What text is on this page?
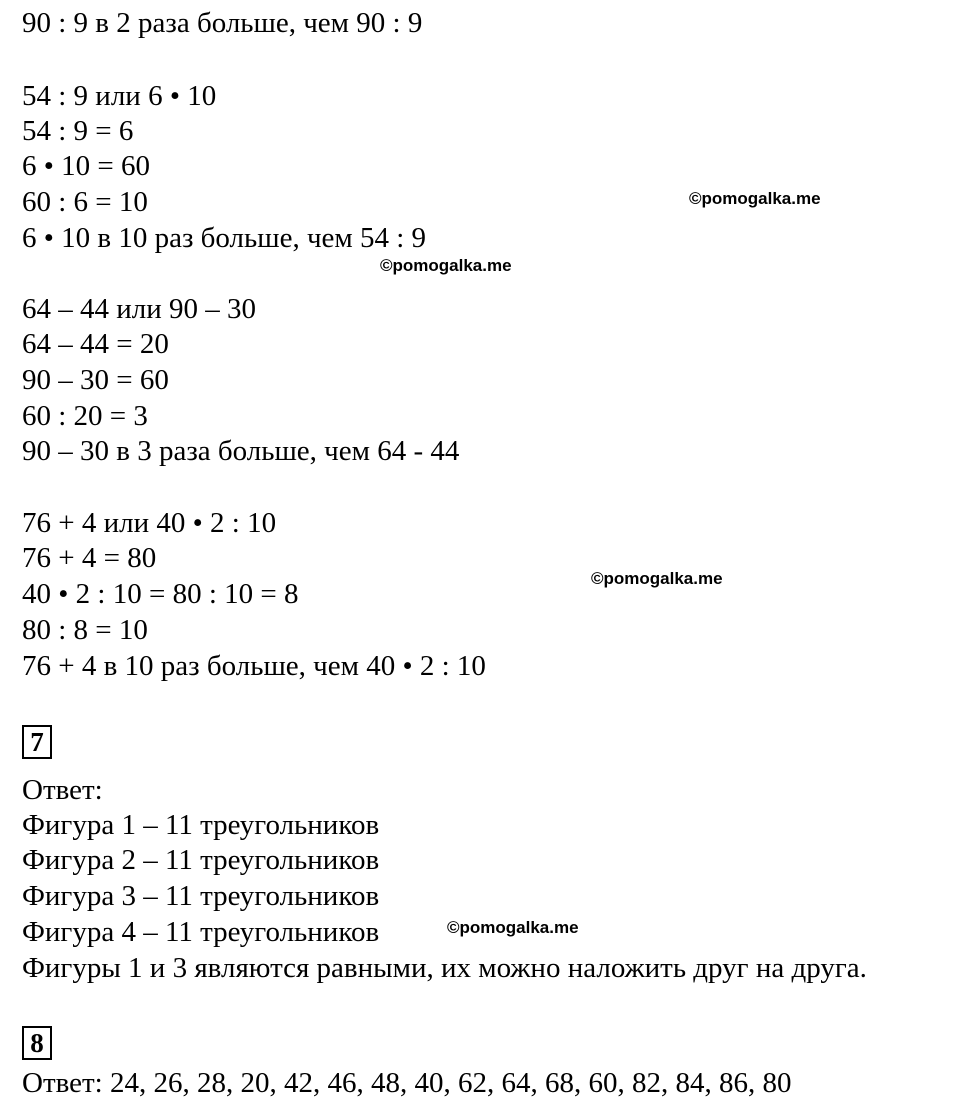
90 : 9 в 2 раза больше, чем 90 : 9

54 : 9 или 6 • 10

54 : 9 = 6

6 • 10 = 60

60 : 6 = 10

6 • 10 в 10 раз больше, чем 54 : 9

64 – 44 или 90 – 30

64 – 44 = 20

90 – 30 = 60

60 : 20 = 3

90 – 30 в 3 раза больше, чем 64 - 44

76 + 4 или 40 • 2 : 10

76 + 4 = 80

40 • 2 : 10 = 80 : 10 = 8

80 : 8 = 10

76 + 4 в 10 раз больше, чем 40 • 2 : 10

7

Ответ:

Фигура 1 – 11 треугольников

Фигура 2 – 11 треугольников

Фигура 3 – 11 треугольников

Фигура 4 – 11 треугольников

Фигуры 1 и 3 являются равными, их можно наложить друг на друга.

8

Ответ: 24, 26, 28, 20, 42, 46, 48, 40, 62, 64, 68, 60, 82, 84, 86, 80

©pomogalka.me
©pomogalka.me
©pomogalka.me
©pomogalka.me
